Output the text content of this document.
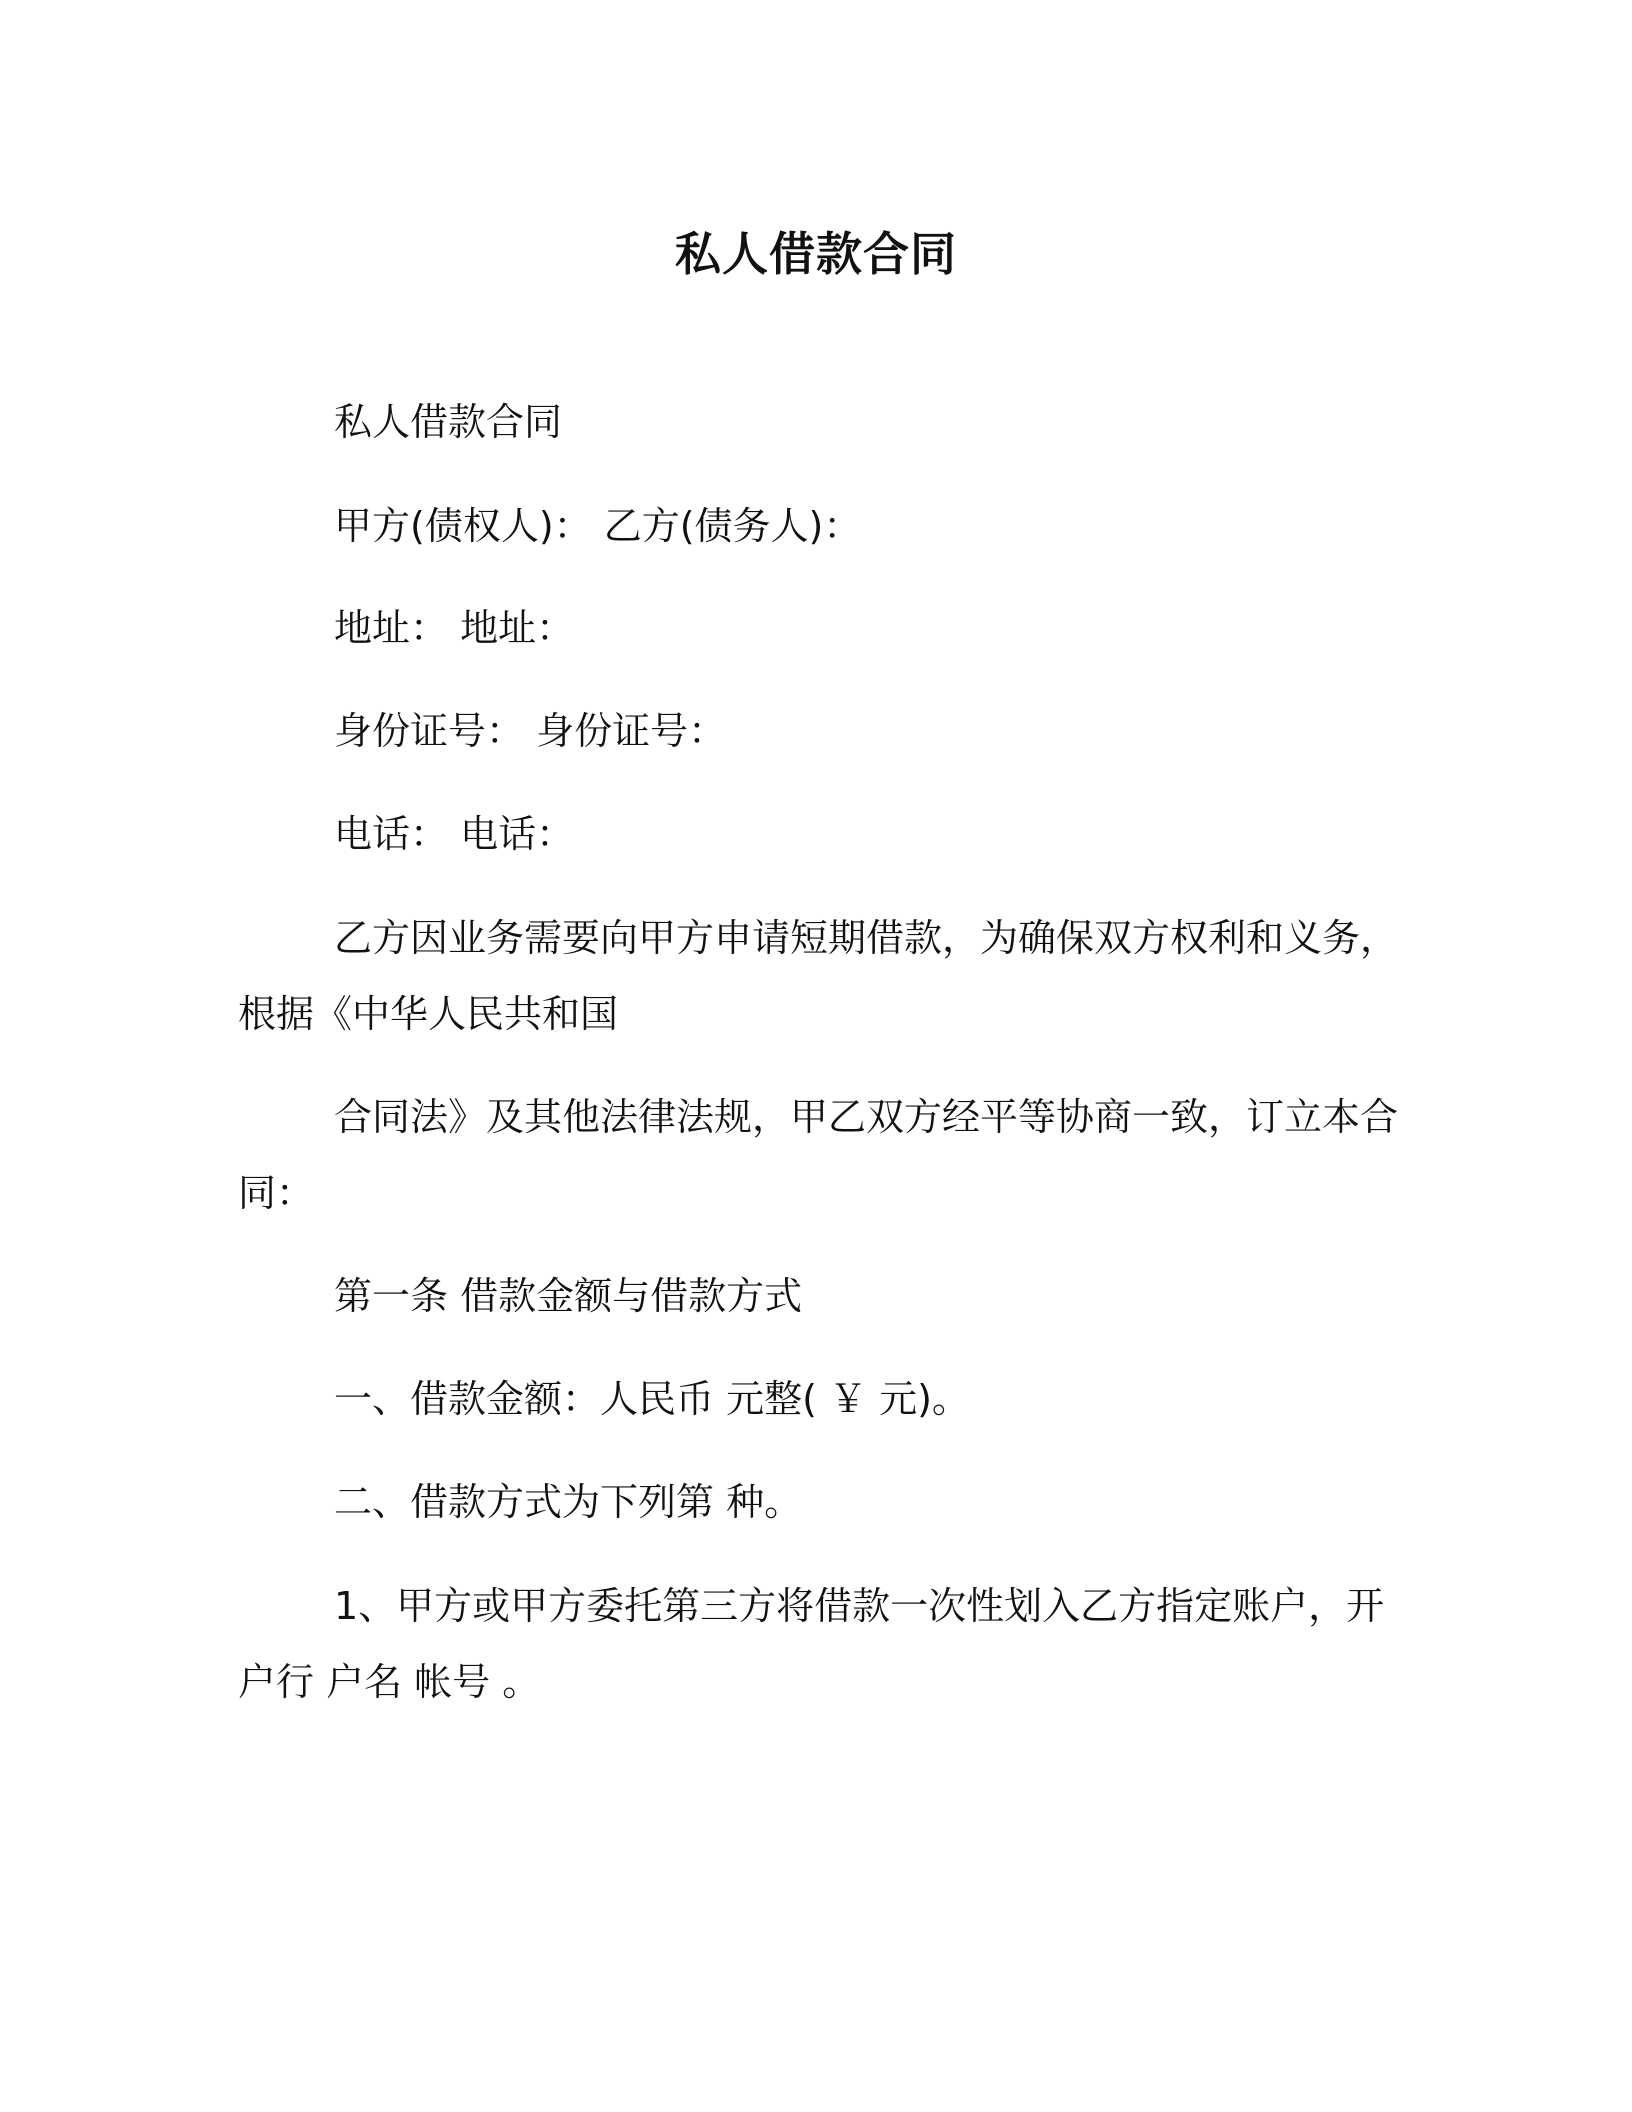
私人借款合同
私人借款合同
甲方(债权人)： 乙方(债务人)：
地址： 地址：
身份证号： 身份证号：
电话： 电话：
乙方因业务需要向甲方申请短期借款，为确保双方权利和义务，
根据《中华人民共和国
合同法》及其他法律法规，甲乙双方经平等协商一致，订立本合
同：
第一条 借款金额与借款方式
一、借款金额：人民币 元整( ￥ 元)。
二、借款方式为下列第 种。
1、甲方或甲方委托第三方将借款一次性划入乙方指定账户，开
户行 户名 帐号 。
